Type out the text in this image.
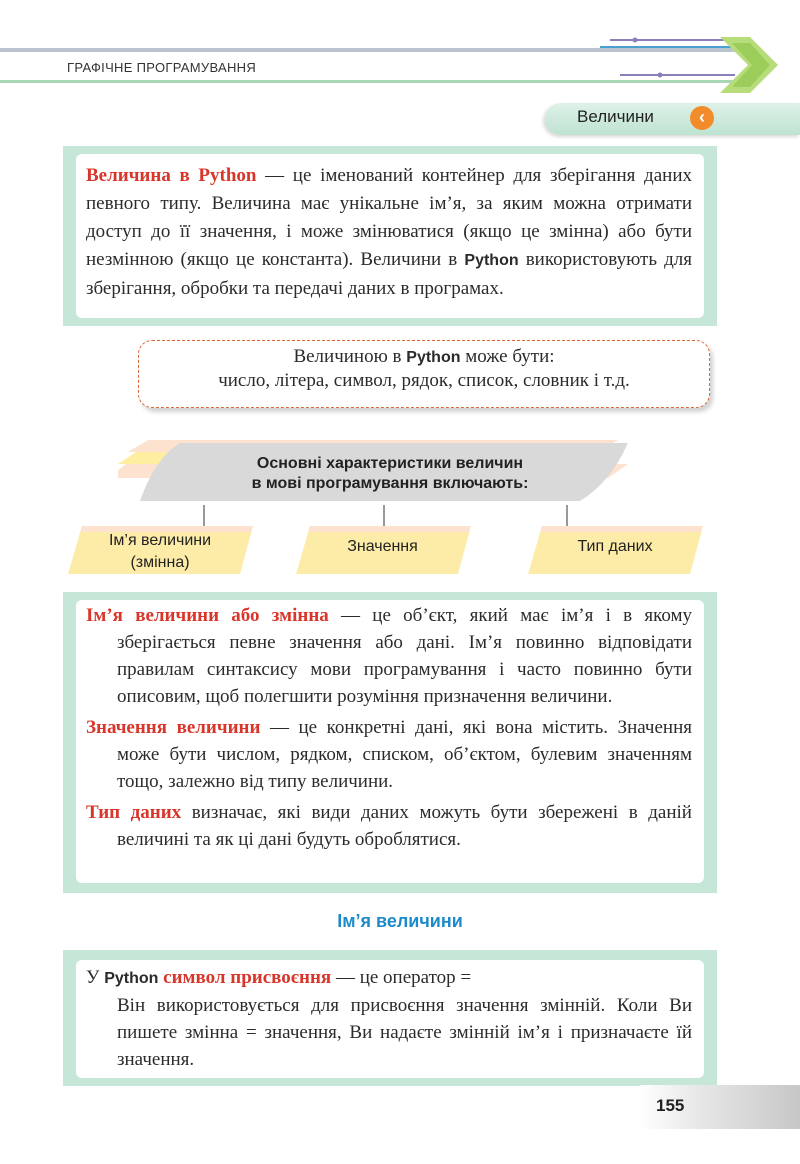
ГРАФІЧНЕ ПРОГРАМУВАННЯ
Величини	‹
Величина в Python — це іменований контейнер для зберігання даних певного типу. Величина має унікальне ім’я, за яким можна отримати доступ до її значення, і може змінюватися (якщо це змінна) або бути незмінною (якщо це константа). Величини в Python використовують для зберігання, обробки та передачі даних в програмах.
Величиною в Python може бути:
число, літера, символ, рядок, список, словник і т.д.
Основні характеристики величин
в мові програмування включають:
Ім’я величини
(змінна)
Значення	Тип даних
Ім’я величини або змінна — це об’єкт, який має ім’я і в якому зберігається певне значення або дані. Ім’я повинно відповідати правилам синтаксису мови програмування і часто повинно бути описовим, щоб полегшити розуміння призначення величини.
Значення величини — це конкретні дані, які вона містить. Значення може бути числом, рядком, списком, об’єктом, булевим значенням тощо, залежно від типу величини.
Тип даних визначає, які види даних можуть бути збережені в даній величині та як ці дані будуть оброблятися.
Ім’я величини
У Python символ присвоєння — це оператор =
Він використовується для присвоєння значення змінній. Коли Ви пишете змінна = значення, Ви надаєте змінній ім’я і призначаєте їй значення.
155
